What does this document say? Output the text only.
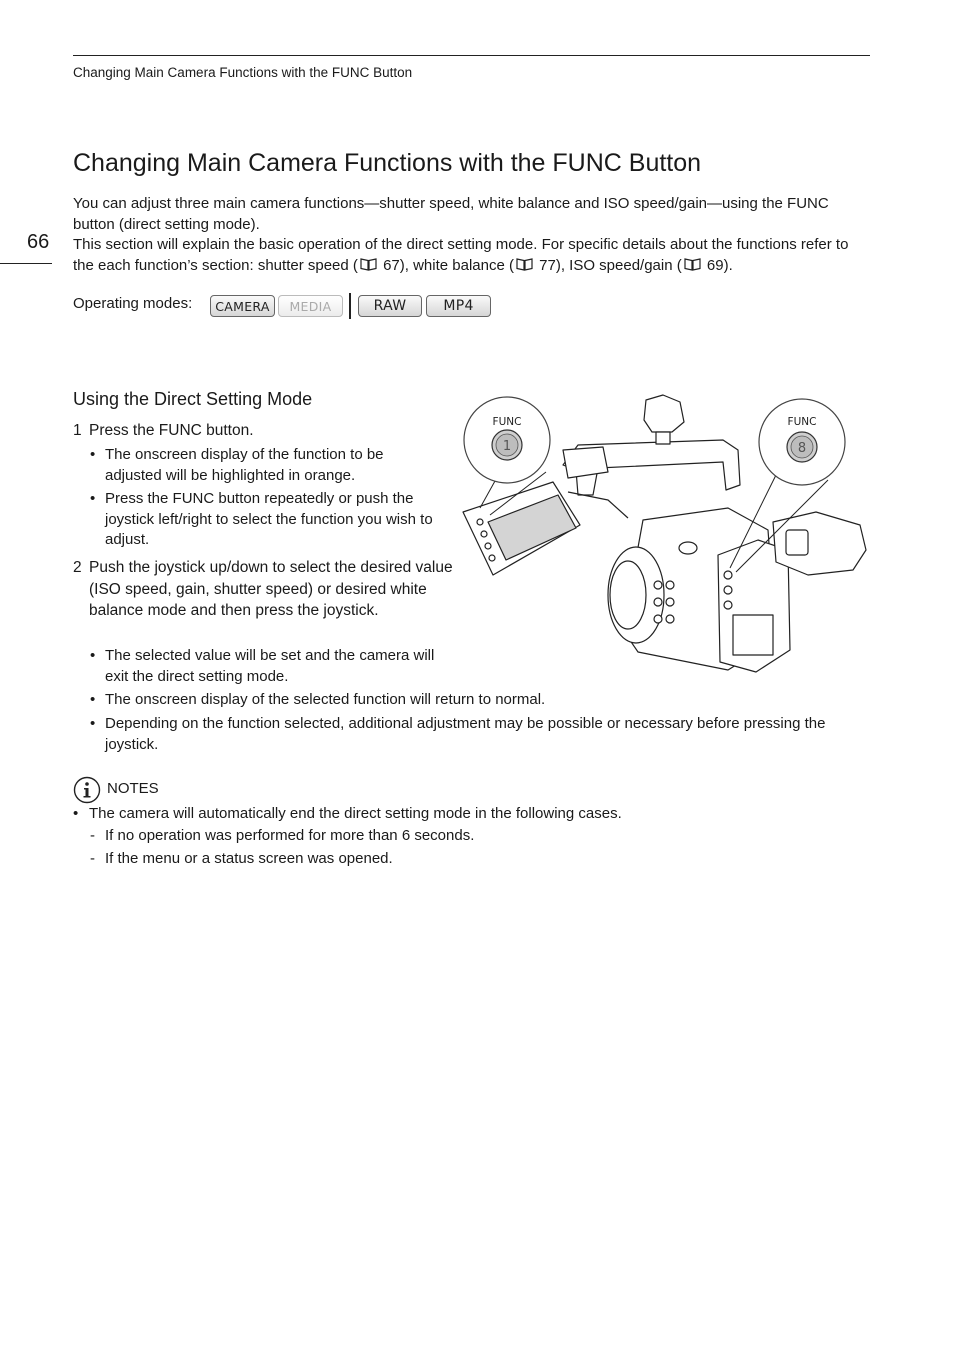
Changing Main Camera Functions with the FUNC Button
66
Changing Main Camera Functions with the FUNC Button

You can adjust three main camera functions—shutter speed, white balance and ISO speed/gain—using the FUNC button (direct setting mode).

This section will explain the basic operation of the direct setting mode. For specific details about the functions refer to the each function’s section: shutter speed ( 67), white balance ( 77), ISO speed/gain ( 69).

Operating modes:	CAMERA	MEDIA	RAW	MP4
Using the Direct Setting Mode
1 Press the FUNC button.
• The onscreen display of the function to be adjusted will be highlighted in orange.
• Press the FUNC button repeatedly or push the joystick left/right to select the function you wish to adjust.
2 Push the joystick up/down to select the desired value (ISO speed, gain, shutter speed) or desired white balance mode and then press the joystick.
• The selected value will be set and the camera will exit the direct setting mode.
• The onscreen display of the selected function will return to normal.
• Depending on the function selected, additional adjustment may be possible or necessary before pressing the joystick.
FUNC
1
FUNC
8
NOTES
• The camera will automatically end the direct setting mode in the following cases.
- If no operation was performed for more than 6 seconds.
- If the menu or a status screen was opened.
